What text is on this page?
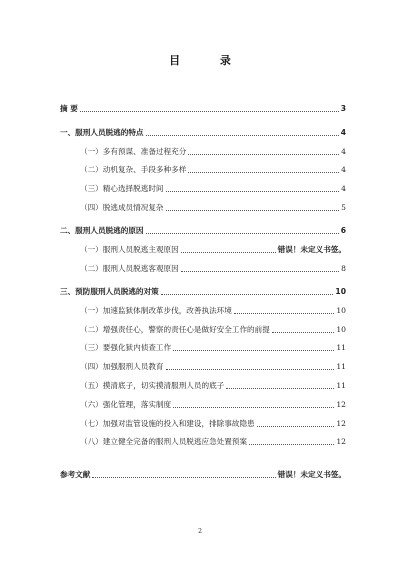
目 录
摘 要	3
一、服刑人员脱逃的特点	4
（一）多有预谋、准备过程充分	4
（二）动机复杂、手段多种多样	4
（三）精心选择脱逃时间	4
（四）脱逃成员情况复杂	5
二、服刑人员脱逃的原因	6
（一）服刑人员脱逃主观原因	错误！未定义书签。
（二）服刑人员脱逃客观原因	8
三、预防服刑人员脱逃的对策	10
（一）加速监狱体制改革步伐，改善执法环境	10
（二）增强责任心，警察的责任心是做好安全工作的前提	10
（三）要强化狱内侦查工作	11
（四）加强服刑人员教育	11
（五）摸清底子，切实摸清服刑人员的底子	11
（六）强化管理，落实制度	12
（七）加强对监管设施的投入和建设，排除事故隐患	12
（八）建立健全完备的服刑人员脱逃应急处置预案	12
参考文献	错误！未定义书签。
2
